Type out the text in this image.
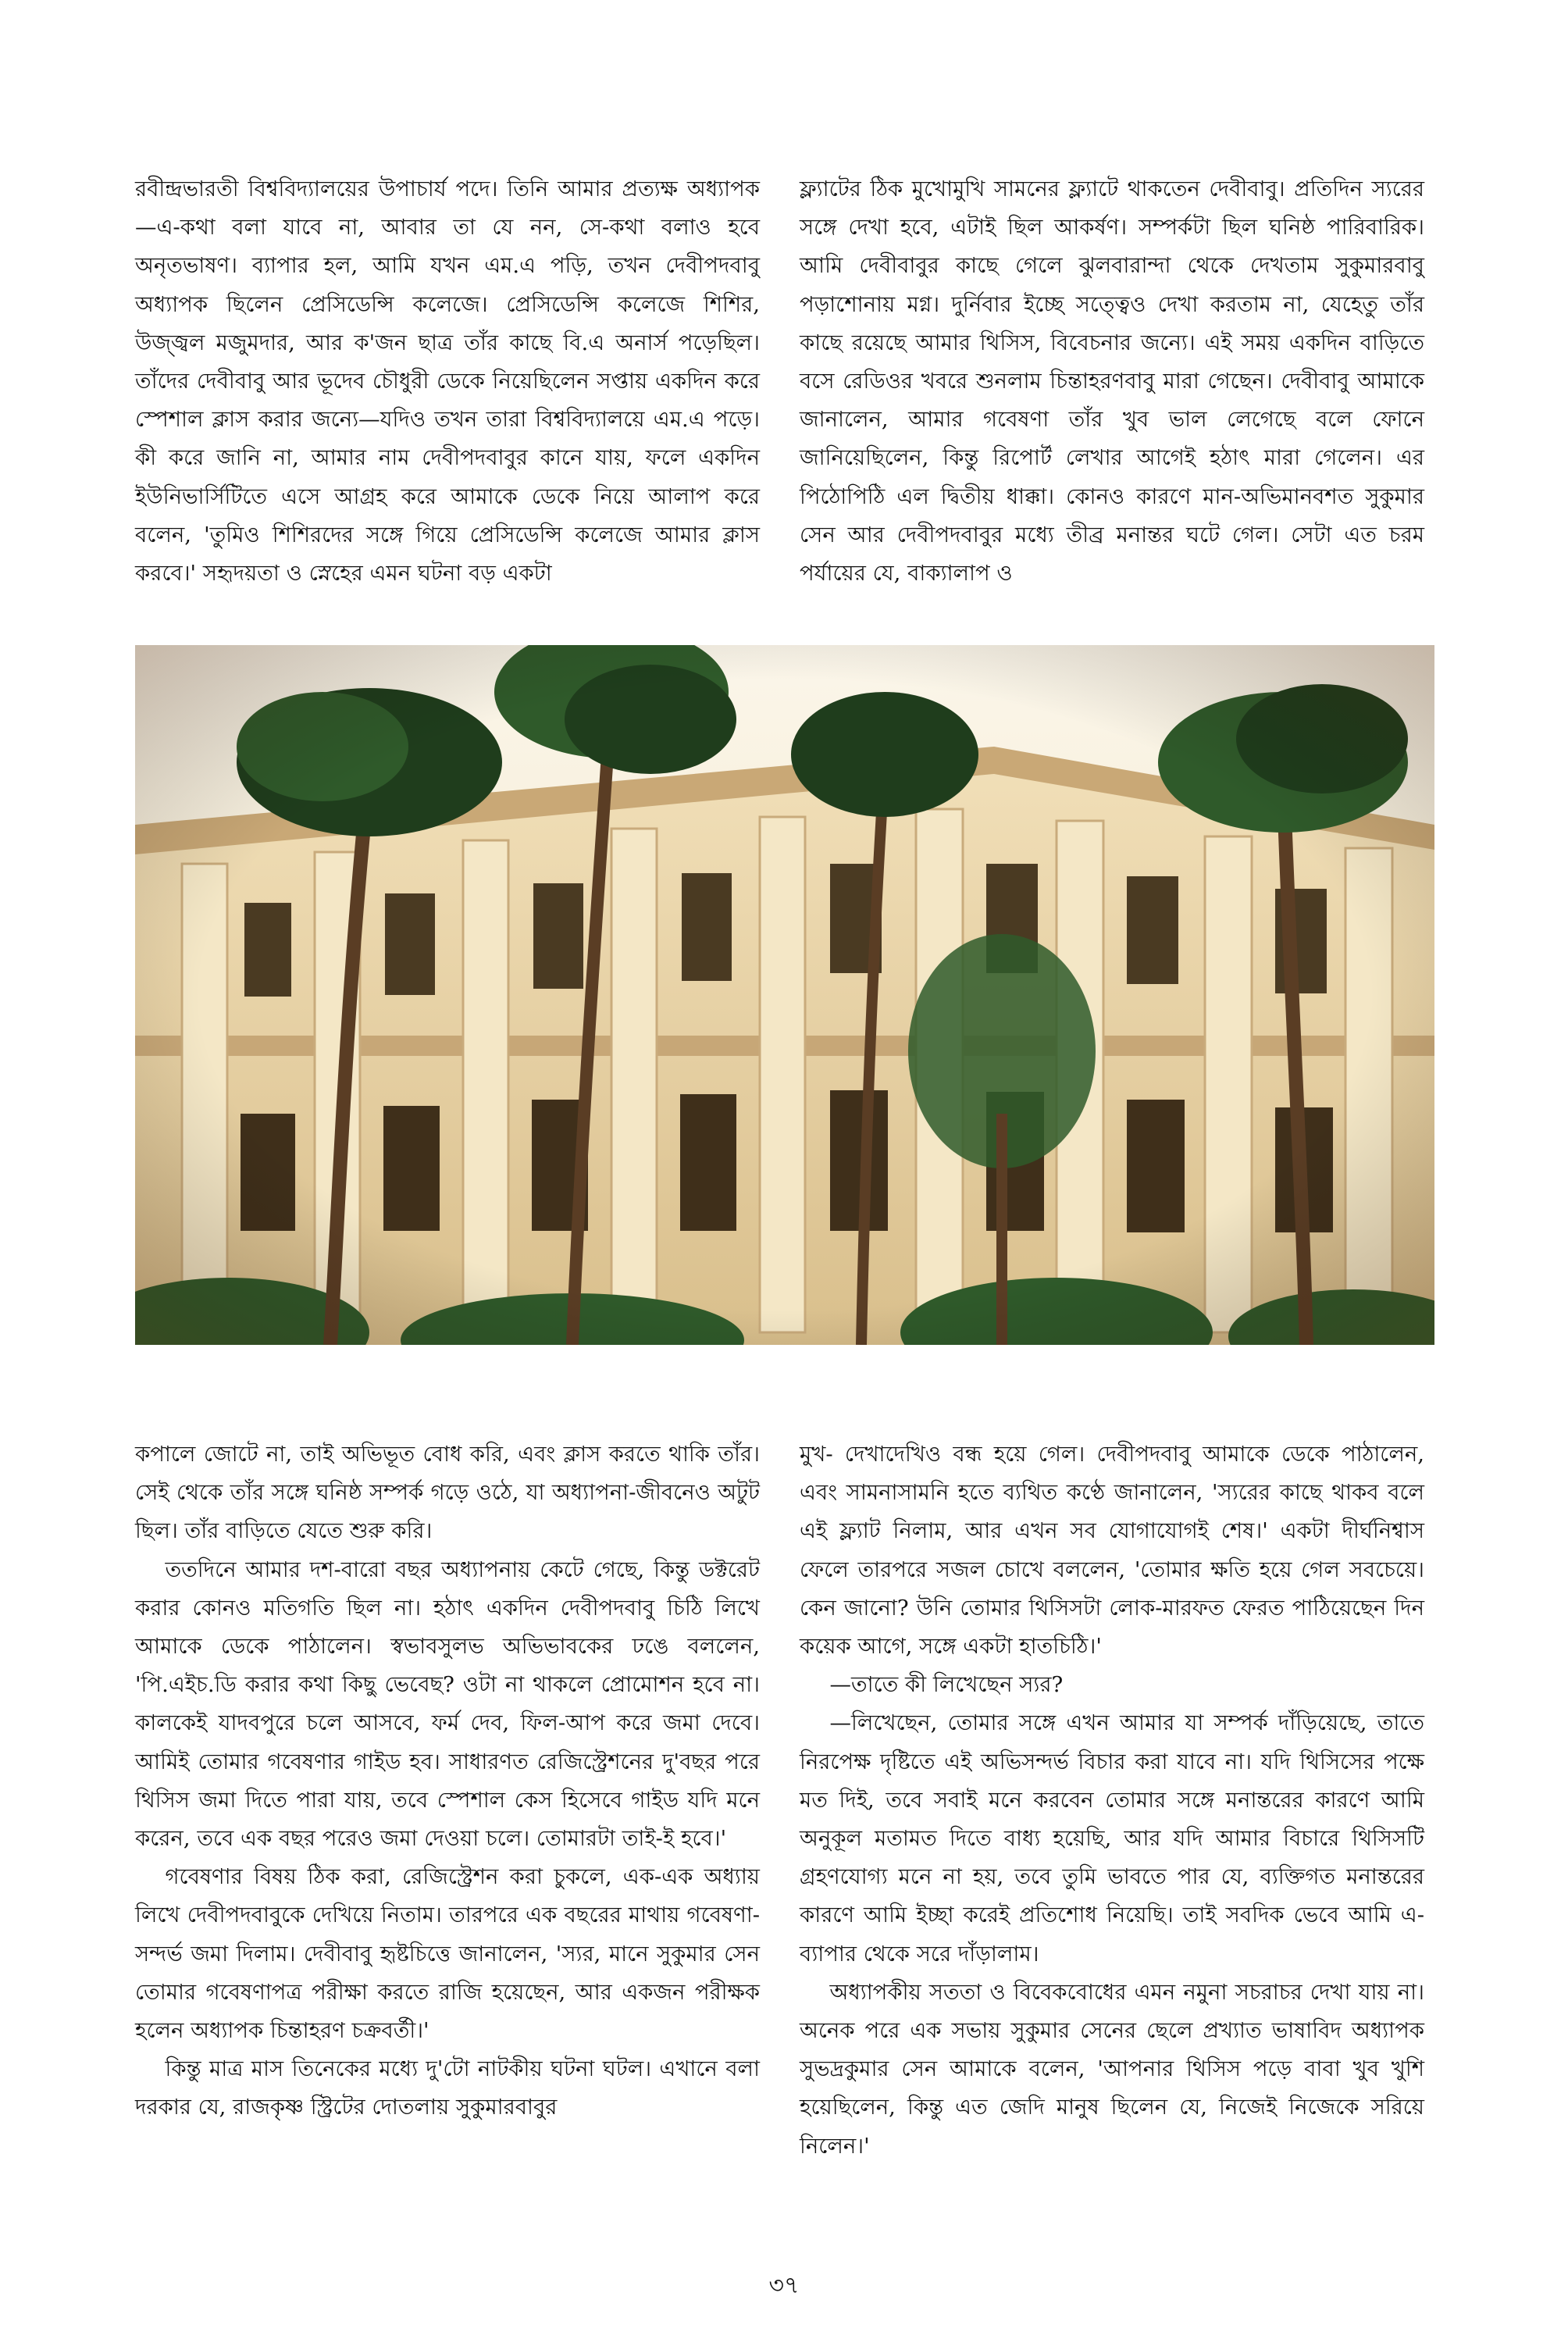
রবীন্দ্রভারতী বিশ্ববিদ্যালয়ের উপাচার্য পদে। তিনি আমার প্রত্যক্ষ অধ্যাপক—এ-কথা বলা যাবে না, আবার তা যে নন, সে-কথা বলাও হবে অনৃতভাষণ। ব্যাপার হল, আমি যখন এম.এ পড়ি, তখন দেবীপদবাবু অধ্যাপক ছিলেন প্রেসিডেন্সি কলেজে। প্রেসিডেন্সি কলেজে শিশির, উজ্জ্বল মজুমদার, আর ক'জন ছাত্র তাঁর কাছে বি.এ অনার্স পড়েছিল। তাঁদের দেবীবাবু আর ভূদেব চৌধুরী ডেকে নিয়েছিলেন সপ্তায় একদিন করে স্পেশাল ক্লাস করার জন্যে—যদিও তখন তারা বিশ্ববিদ্যালয়ে এম.এ পড়ে। কী করে জানি না, আমার নাম দেবীপদবাবুর কানে যায়, ফলে একদিন ইউনিভার্সিটিতে এসে আগ্রহ করে আমাকে ডেকে নিয়ে আলাপ করে বলেন, 'তুমিও শিশিরদের সঙ্গে গিয়ে প্রেসিডেন্সি কলেজে আমার ক্লাস করবে।' সহৃদয়তা ও স্নেহের এমন ঘটনা বড় একটা

ফ্ল্যাটের ঠিক মুখোমুখি সামনের ফ্ল্যাটে থাকতেন দেবীবাবু। প্রতিদিন স্যরের সঙ্গে দেখা হবে, এটাই ছিল আকর্ষণ। সম্পর্কটা ছিল ঘনিষ্ঠ পারিবারিক। আমি দেবীবাবুর কাছে গেলে ঝুলবারান্দা থেকে দেখতাম সুকুমারবাবু পড়াশোনায় মগ্ন। দুর্নিবার ইচ্ছে সত্ত্বেও দেখা করতাম না, যেহেতু তাঁর কাছে রয়েছে আমার থিসিস, বিবেচনার জন্যে। এই সময় একদিন বাড়িতে বসে রেডিওর খবরে শুনলাম চিন্তাহরণবাবু মারা গেছেন। দেবীবাবু আমাকে জানালেন, আমার গবেষণা তাঁর খুব ভাল লেগেছে বলে ফোনে জানিয়েছিলেন, কিন্তু রিপোর্ট লেখার আগেই হঠাৎ মারা গেলেন। এর পিঠোপিঠি এল দ্বিতীয় ধাক্কা। কোনও কারণে মান-অভিমানবশত সুকুমার সেন আর দেবীপদবাবুর মধ্যে তীব্র মনান্তর ঘটে গেল। সেটা এত চরম পর্যায়ের যে, বাক্যালাপ ও

কপালে জোটে না, তাই অভিভূত বোধ করি, এবং ক্লাস করতে থাকি তাঁর। সেই থেকে তাঁর সঙ্গে ঘনিষ্ঠ সম্পর্ক গড়ে ওঠে, যা অধ্যাপনা-জীবনেও অটুট ছিল। তাঁর বাড়িতে যেতে শুরু করি।

ততদিনে আমার দশ-বারো বছর অধ্যাপনায় কেটে গেছে, কিন্তু ডক্টরেট করার কোনও মতিগতি ছিল না। হঠাৎ একদিন দেবীপদবাবু চিঠি লিখে আমাকে ডেকে পাঠালেন। স্বভাবসুলভ অভিভাবকের ঢঙে বললেন, 'পি.এইচ.ডি করার কথা কিছু ভেবেছ? ওটা না থাকলে প্রোমোশন হবে না। কালকেই যাদবপুরে চলে আসবে, ফর্ম দেব, ফিল-আপ করে জমা দেবে। আমিই তোমার গবেষণার গাইড হব। সাধারণত রেজিস্ট্রেশনের দু'বছর পরে থিসিস জমা দিতে পারা যায়, তবে স্পেশাল কেস হিসেবে গাইড যদি মনে করেন, তবে এক বছর পরেও জমা দেওয়া চলে। তোমারটা তাই-ই হবে।'

গবেষণার বিষয় ঠিক করা, রেজিস্ট্রেশন করা চুকলে, এক-এক অধ্যায় লিখে দেবীপদবাবুকে দেখিয়ে নিতাম। তারপরে এক বছরের মাথায় গবেষণা-সন্দর্ভ জমা দিলাম। দেবীবাবু হৃষ্টচিত্তে জানালেন, 'স্যর, মানে সুকুমার সেন তোমার গবেষণাপত্র পরীক্ষা করতে রাজি হয়েছেন, আর একজন পরীক্ষক হলেন অধ্যাপক চিন্তাহরণ চক্রবর্তী।'

কিন্তু মাত্র মাস তিনেকের মধ্যে দু'টো নাটকীয় ঘটনা ঘটল। এখানে বলা দরকার যে, রাজকৃষ্ণ স্ট্রিটের দোতলায় সুকুমারবাবুর

মুখ- দেখাদেখিও বন্ধ হয়ে গেল। দেবীপদবাবু আমাকে ডেকে পাঠালেন, এবং সামনাসামনি হতে ব্যথিত কণ্ঠে জানালেন, 'স্যরের কাছে থাকব বলে এই ফ্ল্যাট নিলাম, আর এখন সব যোগাযোগই শেষ।' একটা দীর্ঘনিশ্বাস ফেলে তারপরে সজল চোখে বললেন, 'তোমার ক্ষতি হয়ে গেল সবচেয়ে। কেন জানো? উনি তোমার থিসিসটা লোক-মারফত ফেরত পাঠিয়েছেন দিন কয়েক আগে, সঙ্গে একটা হাতচিঠি।'

—তাতে কী লিখেছেন স্যর?

—লিখেছেন, তোমার সঙ্গে এখন আমার যা সম্পর্ক দাঁড়িয়েছে, তাতে নিরপেক্ষ দৃষ্টিতে এই অভিসন্দর্ভ বিচার করা যাবে না। যদি থিসিসের পক্ষে মত দিই, তবে সবাই মনে করবেন তোমার সঙ্গে মনান্তরের কারণে আমি অনুকূল মতামত দিতে বাধ্য হয়েছি, আর যদি আমার বিচারে থিসিসটি গ্রহণযোগ্য মনে না হয়, তবে তুমি ভাবতে পার যে, ব্যক্তিগত মনান্তরের কারণে আমি ইচ্ছা করেই প্রতিশোধ নিয়েছি। তাই সবদিক ভেবে আমি এ-ব্যাপার থেকে সরে দাঁড়ালাম।

অধ্যাপকীয় সততা ও বিবেকবোধের এমন নমুনা সচরাচর দেখা যায় না। অনেক পরে এক সভায় সুকুমার সেনের ছেলে প্রখ্যাত ভাষাবিদ অধ্যাপক সুভদ্রকুমার সেন আমাকে বলেন, 'আপনার থিসিস পড়ে বাবা খুব খুশি হয়েছিলেন, কিন্তু এত জেদি মানুষ ছিলেন যে, নিজেই নিজেকে সরিয়ে নিলেন।'

৩৭
